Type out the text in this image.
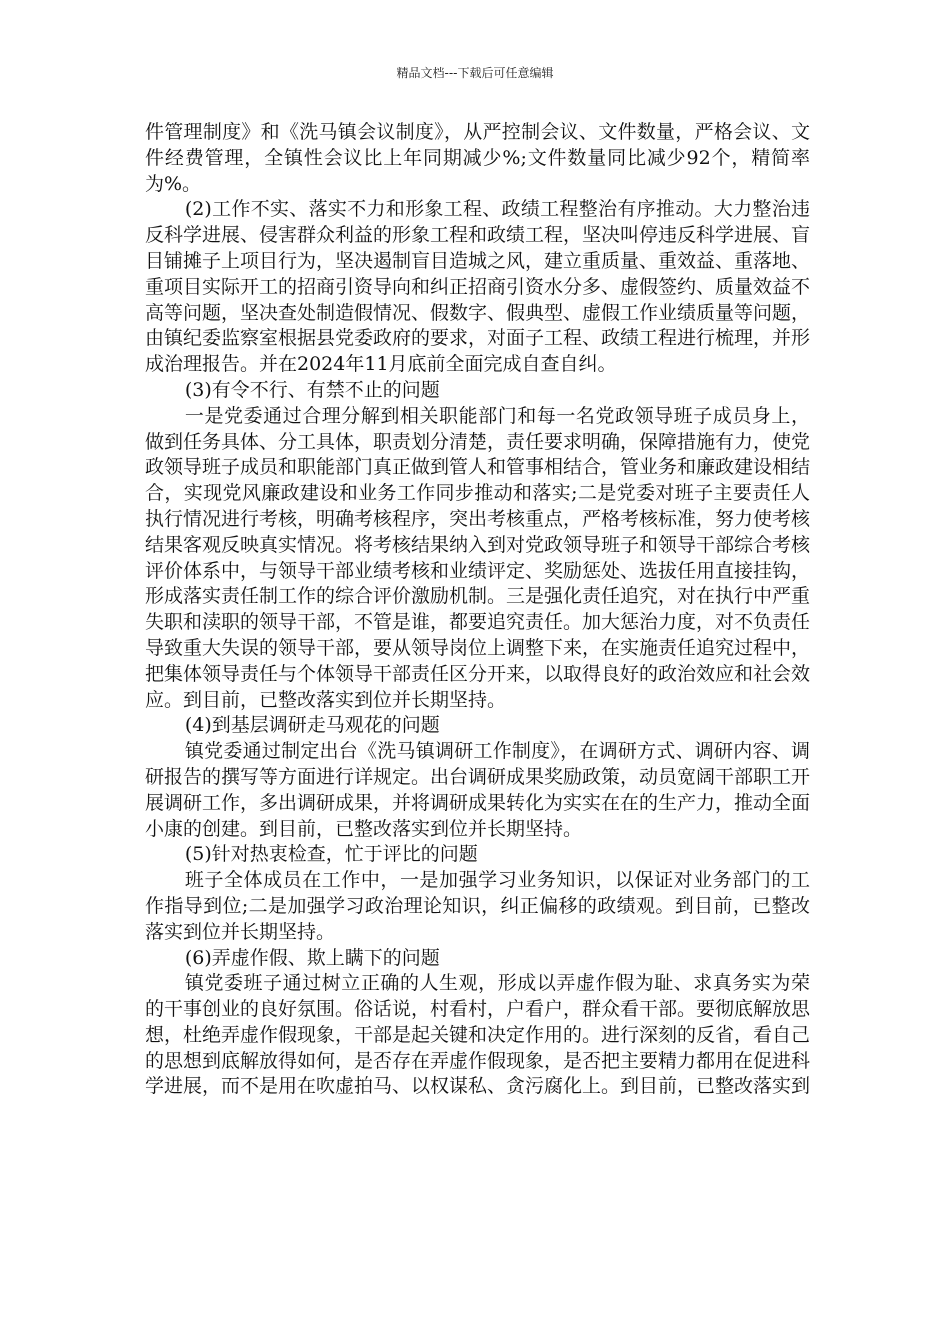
精品文档---下载后可任意编辑

件管理制度》和《洗马镇会议制度》，从严控制会议、文件数量，严格会议、文件经费管理，全镇性会议比上年同期减少%;文件数量同比减少92个，精简率为%。

(2)工作不实、落实不力和形象工程、政绩工程整治有序推动。大力整治违反科学进展、侵害群众利益的形象工程和政绩工程，坚决叫停违反科学进展、盲目铺摊子上项目行为，坚决遏制盲目造城之风，建立重质量、重效益、重落地、重项目实际开工的招商引资导向和纠正招商引资水分多、虚假签约、质量效益不高等问题，坚决查处制造假情况、假数字、假典型、虚假工作业绩质量等问题，由镇纪委监察室根据县党委政府的要求，对面子工程、政绩工程进行梳理，并形成治理报告。并在2024年11月底前全面完成自查自纠。

(3)有令不行、有禁不止的问题

一是党委通过合理分解到相关职能部门和每一名党政领导班子成员身上，做到任务具体、分工具体，职责划分清楚，责任要求明确，保障措施有力，使党政领导班子成员和职能部门真正做到管人和管事相结合，管业务和廉政建设相结合，实现党风廉政建设和业务工作同步推动和落实;二是党委对班子主要责任人执行情况进行考核，明确考核程序，突出考核重点，严格考核标准，努力使考核结果客观反映真实情况。将考核结果纳入到对党政领导班子和领导干部综合考核评价体系中，与领导干部业绩考核和业绩评定、奖励惩处、选拔任用直接挂钩，形成落实责任制工作的综合评价激励机制。三是强化责任追究，对在执行中严重失职和渎职的领导干部，不管是谁，都要追究责任。加大惩治力度，对不负责任导致重大失误的领导干部，要从领导岗位上调整下来，在实施责任追究过程中，把集体领导责任与个体领导干部责任区分开来，以取得良好的政治效应和社会效应。到目前，已整改落实到位并长期坚持。

(4)到基层调研走马观花的问题

镇党委通过制定出台《洗马镇调研工作制度》，在调研方式、调研内容、调研报告的撰写等方面进行详规定。出台调研成果奖励政策，动员宽阔干部职工开展调研工作，多出调研成果，并将调研成果转化为实实在在的生产力，推动全面小康的创建。到目前，已整改落实到位并长期坚持。

(5)针对热衷检查，忙于评比的问题

班子全体成员在工作中，一是加强学习业务知识，以保证对业务部门的工作指导到位;二是加强学习政治理论知识，纠正偏移的政绩观。到目前，已整改落实到位并长期坚持。

(6)弄虚作假、欺上瞒下的问题

镇党委班子通过树立正确的人生观，形成以弄虚作假为耻、求真务实为荣的干事创业的良好氛围。俗话说，村看村，户看户，群众看干部。要彻底解放思想，杜绝弄虚作假现象，干部是起关键和决定作用的。进行深刻的反省，看自己的思想到底解放得如何，是否存在弄虚作假现象，是否把主要精力都用在促进科学进展，而不是用在吹虚拍马、以权谋私、贪污腐化上。到目前，已整改落实到
